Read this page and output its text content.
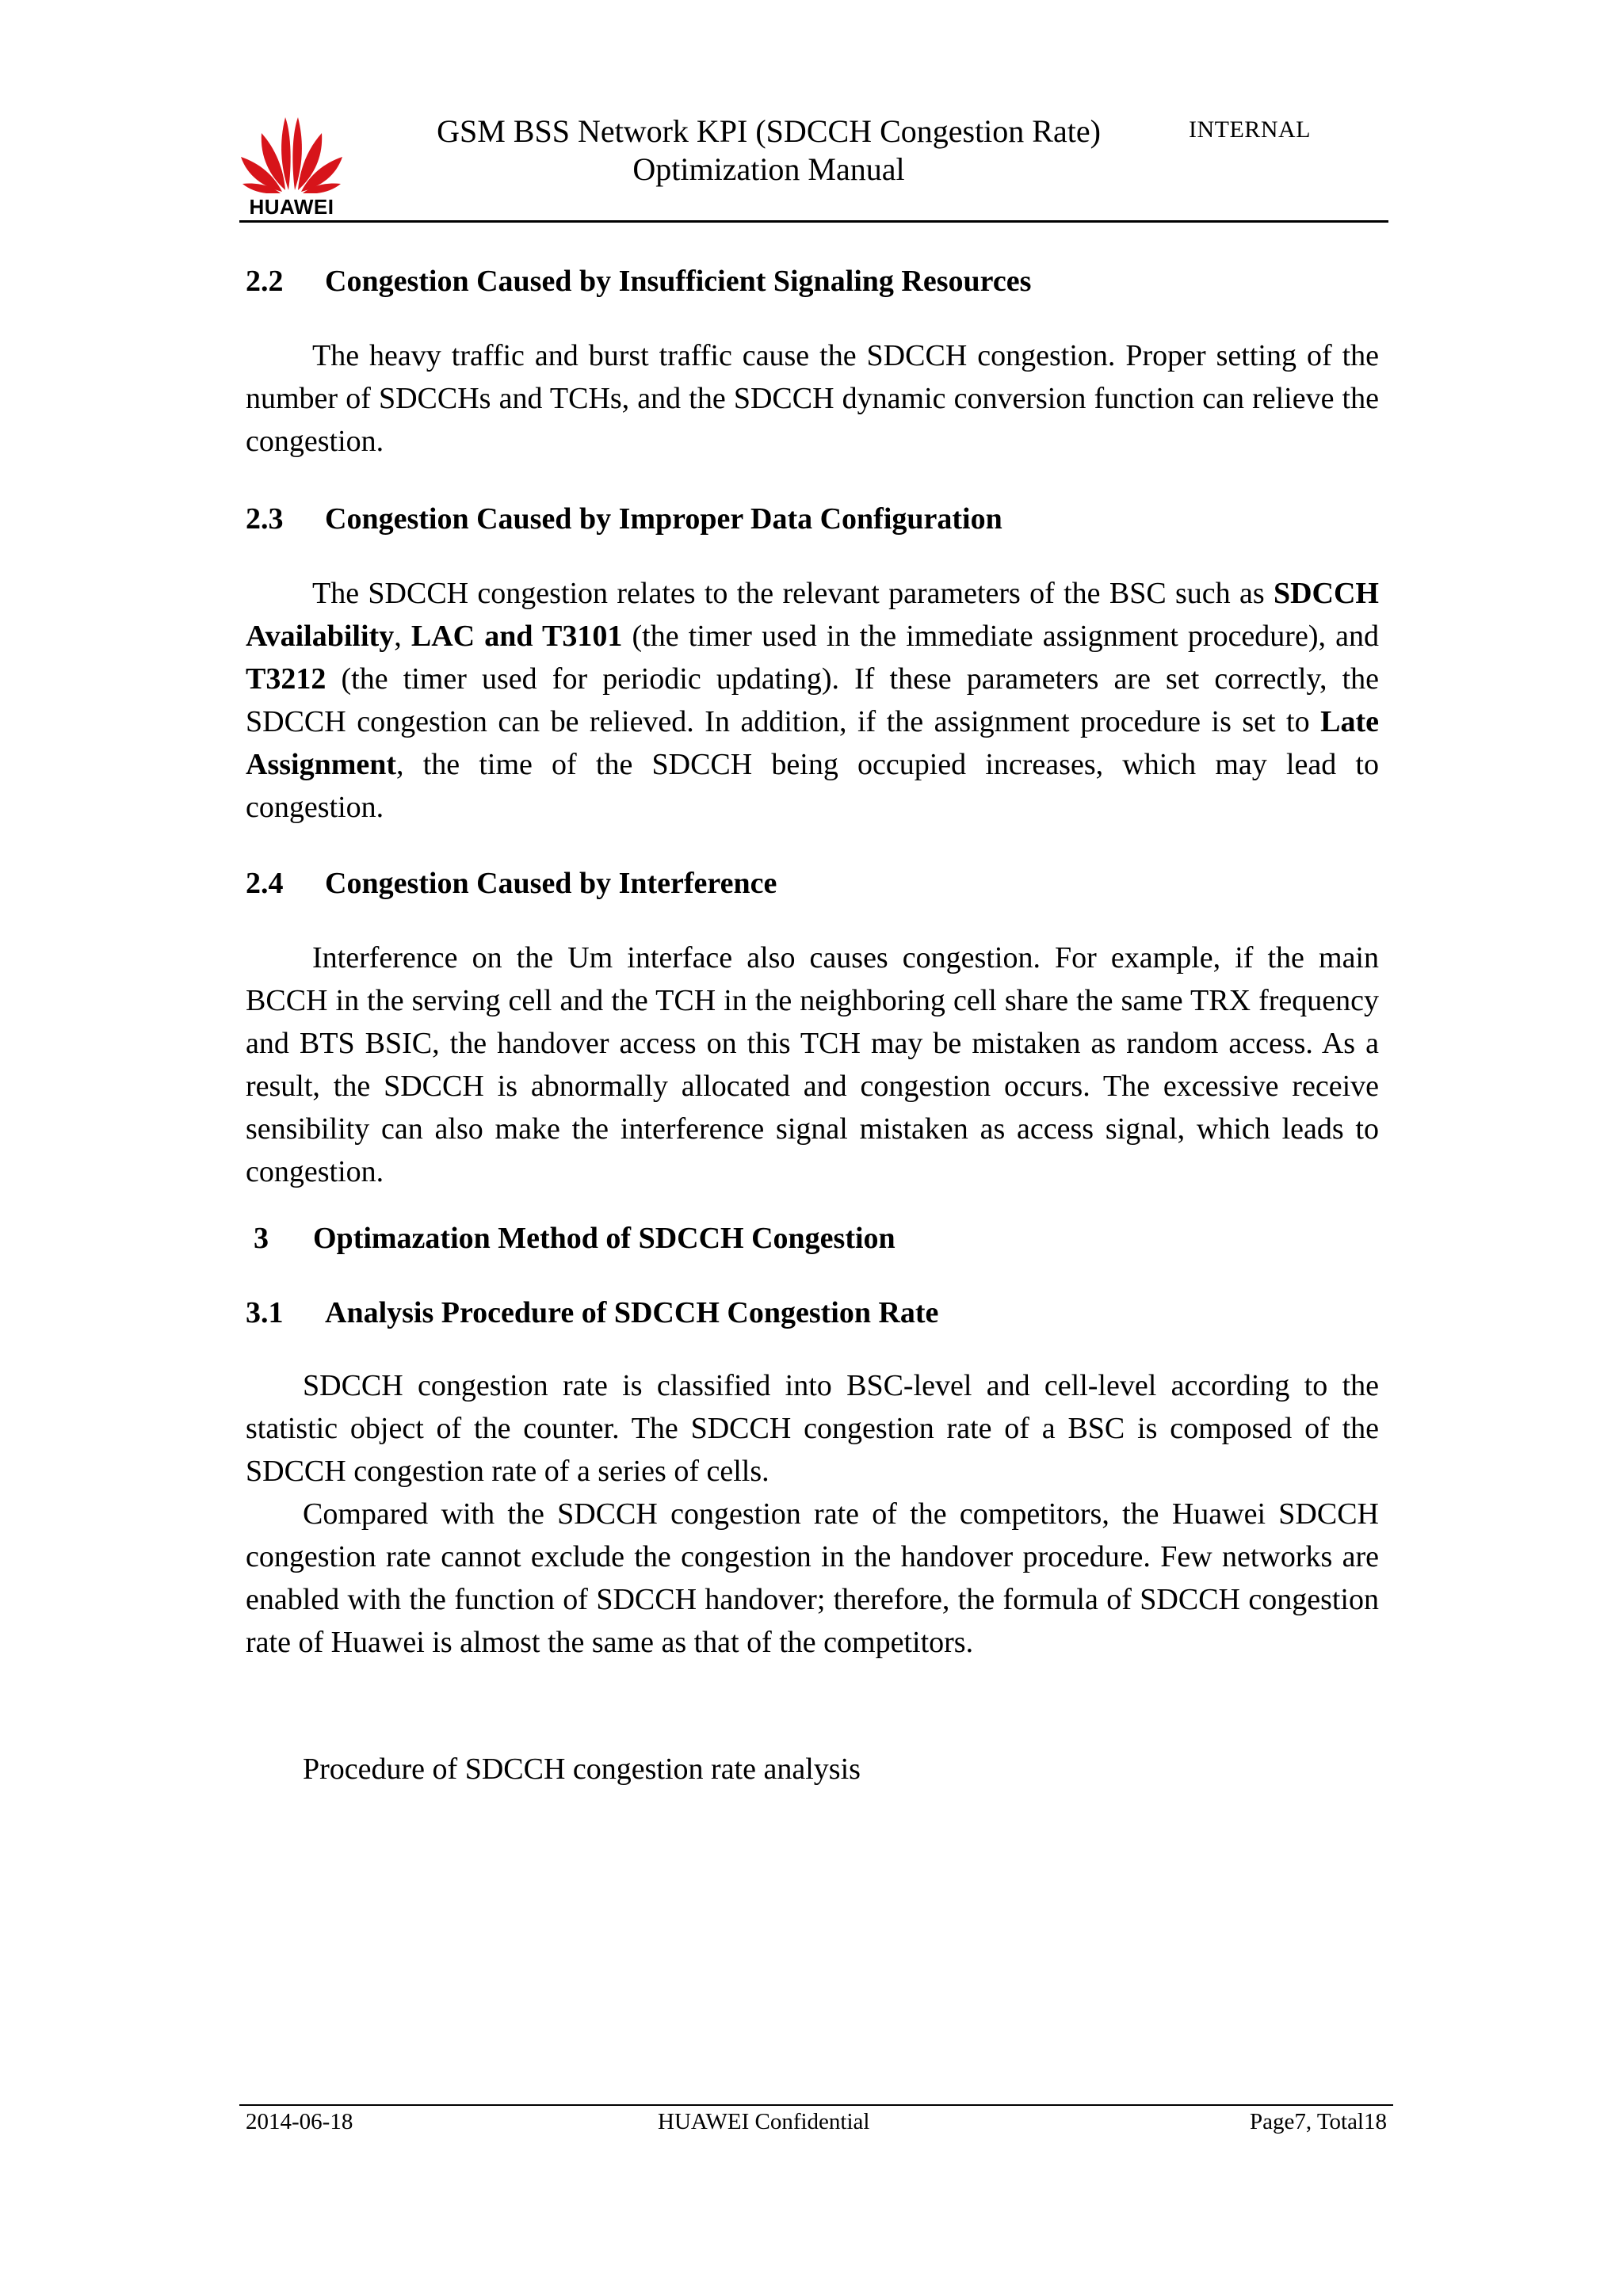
HUAWEI
GSM BSS Network KPI (SDCCH Congestion Rate)
Optimization Manual
INTERNAL
2.2 Congestion Caused by Insufficient Signaling Resources

The heavy traffic and burst traffic cause the SDCCH congestion. Proper setting of the number of SDCCHs and TCHs, and the SDCCH dynamic conversion function can relieve the congestion.

2.3 Congestion Caused by Improper Data Configuration

The SDCCH congestion relates to the relevant parameters of the BSC such as SDCCH Availability, LAC and T3101 (the timer used in the immediate assignment procedure), and T3212 (the timer used for periodic updating). If these parameters are set correctly, the SDCCH congestion can be relieved. In addition, if the assignment procedure is set to Late Assignment, the time of the SDCCH being occupied increases, which may lead to congestion.

2.4 Congestion Caused by Interference

Interference on the Um interface also causes congestion. For example, if the main BCCH in the serving cell and the TCH in the neighboring cell share the same TRX frequency and BTS BSIC, the handover access on this TCH may be mistaken as random access. As a result, the SDCCH is abnormally allocated and congestion occurs. The excessive receive sensibility can also make the interference signal mistaken as access signal, which leads to congestion.

3 Optimazation Method of SDCCH Congestion
3.1 Analysis Procedure of SDCCH Congestion Rate

SDCCH congestion rate is classified into BSC-level and cell-level according to the statistic object of the counter. The SDCCH congestion rate of a BSC is composed of the SDCCH congestion rate of a series of cells.

Compared with the SDCCH congestion rate of the competitors, the Huawei SDCCH congestion rate cannot exclude the congestion in the handover procedure. Few networks are enabled with the function of SDCCH handover; therefore, the formula of SDCCH congestion rate of Huawei is almost the same as that of the competitors.

Procedure of SDCCH congestion rate analysis

2014-06-18	HUAWEI Confidential	Page7, Total18
